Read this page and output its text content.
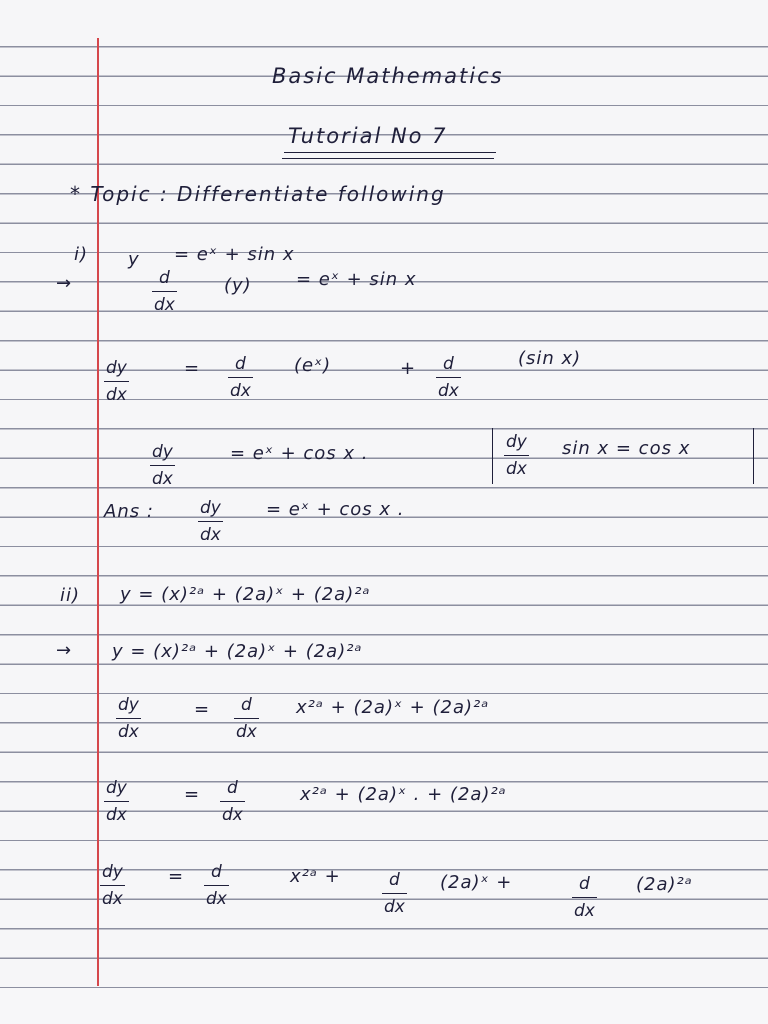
Basic Mathematics
Tutorial No 7
* Topic : Differentiate following
i) y = eˣ + sin x
→	d
dx
(y) = eˣ + sin x
dy
dx
= d
dx
(eˣ)	+ d
dx
(sin x)
dy
dx
= eˣ + cos x .
dy
dx
sin x = cos x
Ans :	dy
dx
= eˣ + cos x .
ii) y = (x)²ᵃ + (2a)ˣ + (2a)²ᵃ
→ y = (x)²ᵃ + (2a)ˣ + (2a)²ᵃ
dy
dx
= d
dx
x²ᵃ + (2a)ˣ + (2a)²ᵃ
dy
dx
= d
dx
x²ᵃ + (2a)ˣ . + (2a)²ᵃ
dy
dx
= d
dx
x²ᵃ +	d
dx
(2a)ˣ +	d
dx
(2a)²ᵃ
